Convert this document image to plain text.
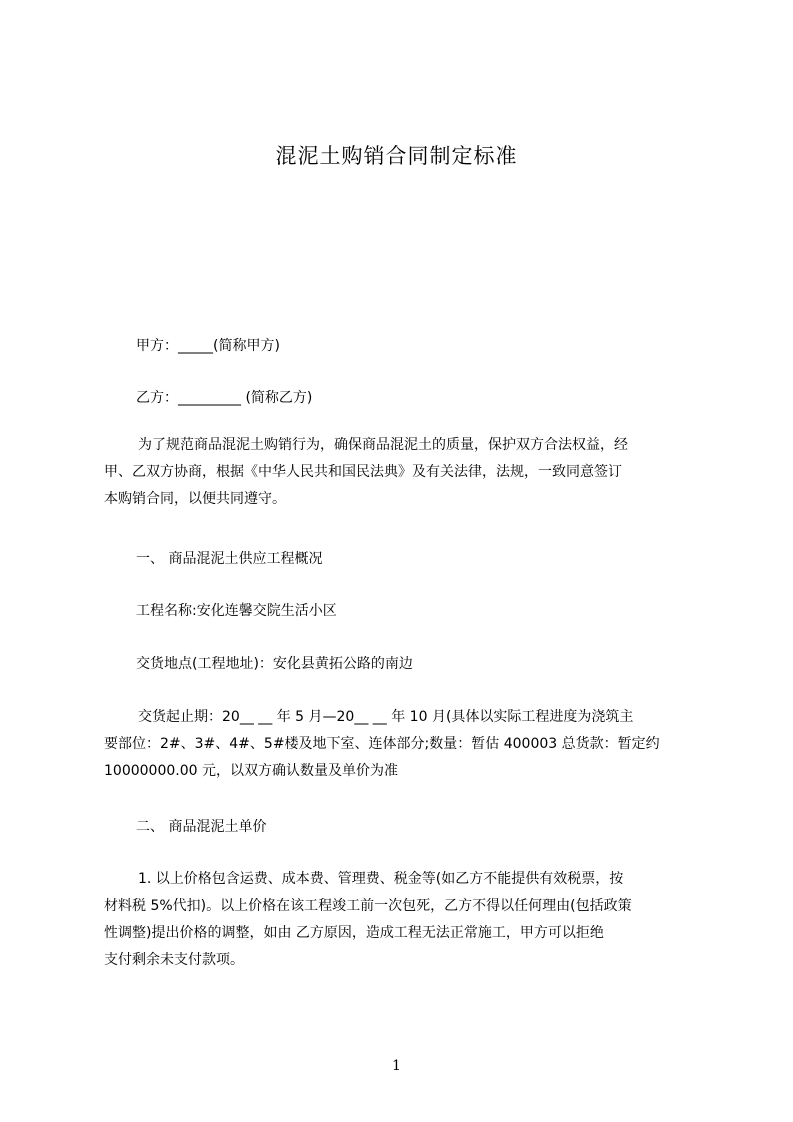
混泥土购销合同制定标准
甲方：_____(简称甲方)
乙方：_________ (简称乙方)
为了规范商品混泥土购销行为，确保商品混泥土的质量，保护双方合法权益，经
甲、乙双方协商，根据《中华人民共和国民法典》及有关法律，法规，一致同意签订
本购销合同，以便共同遵守。
一、 商品混泥土供应工程概况
工程名称:安化连馨交院生活小区
交货地点(工程地址)：安化县黄拓公路的南边
交货起止期：20__ __ 年 5 月—20__ __ 年 10 月(具体以实际工程进度为浇筑主
要部位：2#、3#、4#、5#楼及地下室、连体部分;数量：暂估 400003 总货款：暂定约
10000000.00 元，以双方确认数量及单价为准
二、 商品混泥土单价
1. 以上价格包含运费、成本费、管理费、税金等(如乙方不能提供有效税票，按
材料税 5%代扣)。以上价格在该工程竣工前一次包死，乙方不得以任何理由(包括政策
性调整)提出价格的调整，如由 乙方原因，造成工程无法正常施工，甲方可以拒绝
支付剩余未支付款项。
1
